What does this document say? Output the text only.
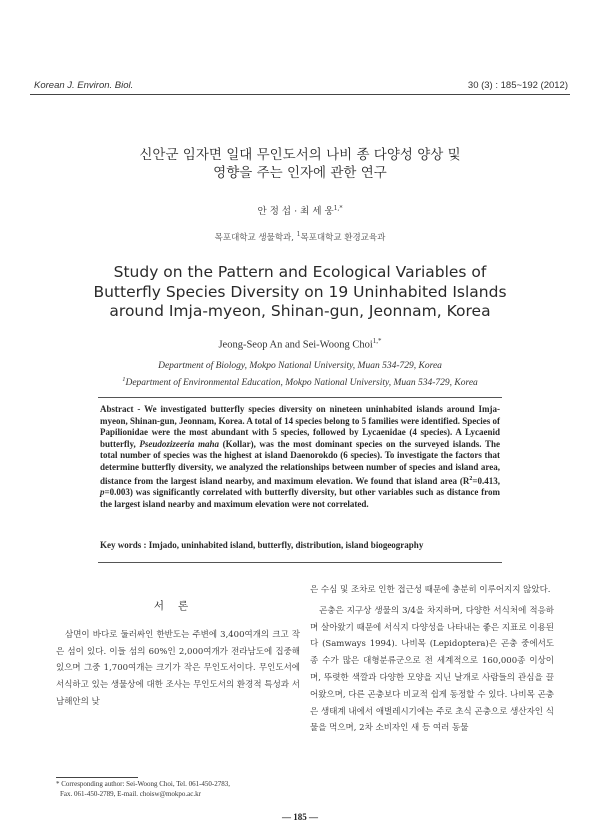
Korean J. Environ. Biol.	30 (3) : 185~192 (2012)
신안군 임자면 일대 무인도서의 나비 종 다양성 양상 및
영향을 주는 인자에 관한 연구
안 정 섭 · 최 세 웅$^{1,*}$
목포대학교 생물학과, $^1$목포대학교 환경교육과
Study on the Pattern and Ecological Variables of
Butterfly Species Diversity on 19 Uninhabited Islands
around Imja-myeon, Shinan-gun, Jeonnam, Korea
Jeong-Seop An and Sei-Woong Choi$^{1,*}$
Department of Biology, Mokpo National University, Muan 534-729, Korea
$^1$Department of Environmental Education, Mokpo National University, Muan 534-729, Korea
Abstract - We investigated butterfly species diversity on nineteen uninhabited islands around Imja-myeon, Shinan-gun, Jeonnam, Korea. A total of 14 species belong to 5 families were identified. Species of Papilionidae were the most abundant with 5 species, followed by Lycaenidae (4 species). A Lycaenid butterfly, Pseudozizeeria maha (Kollar), was the most dominant species on the surveyed islands. The total number of species was the highest at island Daenorokdo (6 species). To investigate the factors that determine butterfly diversity, we analyzed the relationships between number of species and island area, distance from the largest island nearby, and maximum elevation. We found that island area ($R^2=0.413$, p=0.003) was significantly correlated with butterfly diversity, but other variables such as distance from the largest island nearby and maximum elevation were not correlated.
Key words : Imjado, uninhabited island, butterfly, distribution, island biogeography
서론

삼면이 바다로 둘러싸인 한반도는 주변에 3,400여개의 크고 작은 섬이 있다. 이들 섬의 60%인 2,000여개가 전라남도에 집중해 있으며 그중 1,700여개는 크기가 작은 무인도서이다. 무인도서에 서식하고 있는 생물상에 대한 조사는 무인도서의 환경적 특성과 서남해안의 낮

은 수심 및 조차로 인한 접근성 때문에 충분히 이루어지지 않았다.

곤충은 지구상 생물의 3/4을 차지하며, 다양한 서식처에 적응하며 살아왔기 때문에 서식지 다양성을 나타내는 좋은 지표로 이용된다 (Samways 1994). 나비목 (Lepidoptera)은 곤충 중에서도 종 수가 많은 대형분류군으로 전 세계적으로 160,000종 이상이며, 뚜렷한 색깔과 다양한 모양을 지닌 날개로 사람들의 관심을 끌어왔으며, 다른 곤충보다 비교적 쉽게 동정할 수 있다. 나비목 곤충은 생태계 내에서 애벌레시기에는 주로 초식 곤충으로 생산자인 식물을 먹으며, 2차 소비자인 새 등 여러 동물

* Corresponding author: Sei-Woong Choi, Tel. 061-450-2783,
Fax. 061-450-2789, E-mail. choisw@mokpo.ac.kr
— 185 —
